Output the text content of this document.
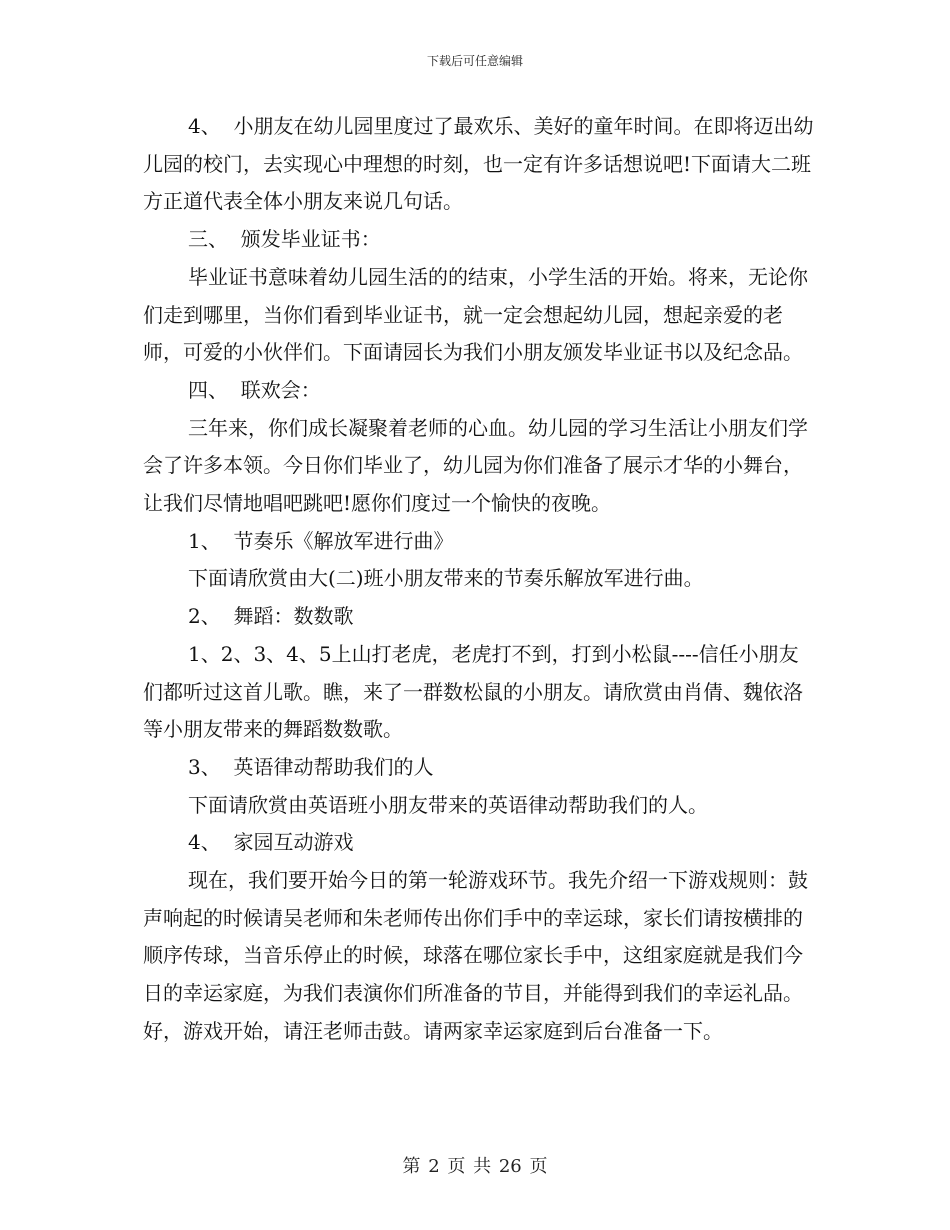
下载后可任意编辑

4、  小朋友在幼儿园里度过了最欢乐、美好的童年时间。在即将迈出幼儿园的校门，去实现心中理想的时刻，也一定有许多话想说吧!下面请大二班方正道代表全体小朋友来说几句话。

三、  颁发毕业证书：

毕业证书意味着幼儿园生活的的结束，小学生活的开始。将来，无论你们走到哪里，当你们看到毕业证书，就一定会想起幼儿园，想起亲爱的老师，可爱的小伙伴们。下面请园长为我们小朋友颁发毕业证书以及纪念品。

四、  联欢会：

三年来，你们成长凝聚着老师的心血。幼儿园的学习生活让小朋友们学会了许多本领。今日你们毕业了，幼儿园为你们准备了展示才华的小舞台，让我们尽情地唱吧跳吧!愿你们度过一个愉快的夜晚。

1、  节奏乐《解放军进行曲》

下面请欣赏由大(二)班小朋友带来的节奏乐解放军进行曲。

2、  舞蹈：数数歌

1、2、3、4、5上山打老虎，老虎打不到，打到小松鼠----信任小朋友们都听过这首儿歌。瞧，来了一群数松鼠的小朋友。请欣赏由肖倩、魏依洛等小朋友带来的舞蹈数数歌。

3、  英语律动帮助我们的人

下面请欣赏由英语班小朋友带来的英语律动帮助我们的人。

4、  家园互动游戏

现在，我们要开始今日的第一轮游戏环节。我先介绍一下游戏规则：鼓声响起的时候请吴老师和朱老师传出你们手中的幸运球，家长们请按横排的顺序传球，当音乐停止的时候，球落在哪位家长手中，这组家庭就是我们今日的幸运家庭，为我们表演你们所准备的节目，并能得到我们的幸运礼品。好，游戏开始，请汪老师击鼓。请两家幸运家庭到后台准备一下。

第 2 页 共 26 页
